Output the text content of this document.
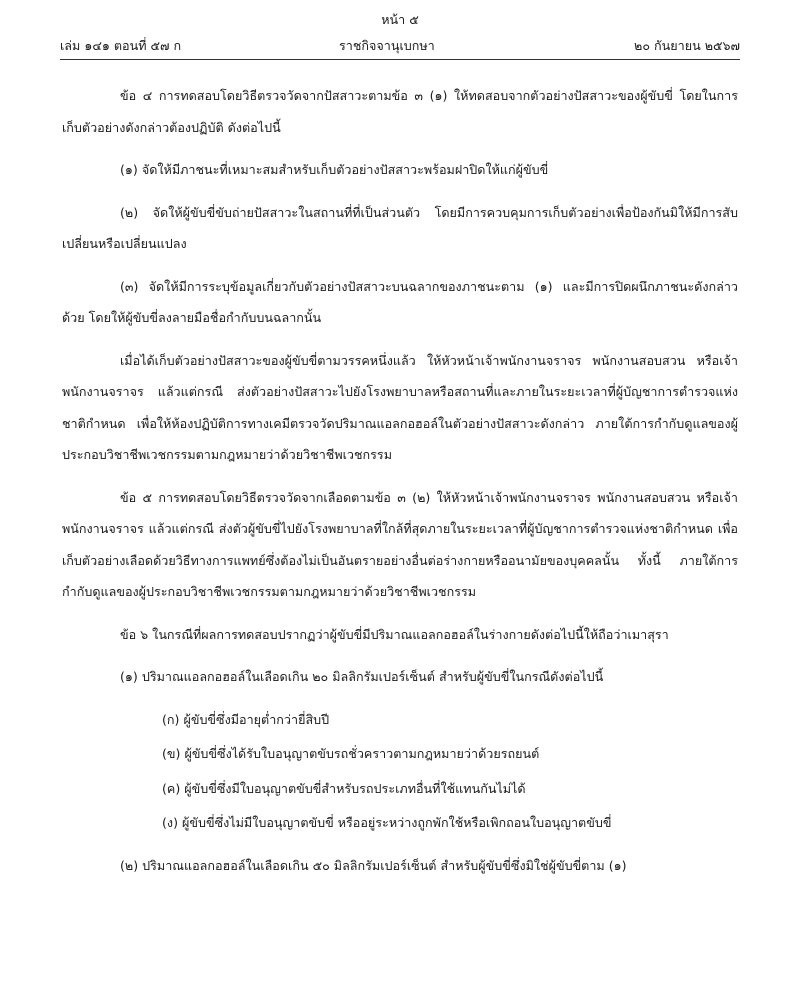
หน้า ๕
เล่ม ๑๔๑ ตอนที่ ๕๗ ก	ราชกิจจานุเบกษา	๒๐ กันยายน ๒๕๖๗

ข้อ ๔ การทดสอบโดยวิธีตรวจวัดจากปัสสาวะตามข้อ ๓ (๑) ให้ทดสอบจากตัวอย่างปัสสาวะของผู้ขับขี่ โดยในการเก็บตัวอย่างดังกล่าวต้องปฏิบัติ ดังต่อไปนี้

(๑) จัดให้มีภาชนะที่เหมาะสมสำหรับเก็บตัวอย่างปัสสาวะพร้อมฝาปิดให้แก่ผู้ขับขี่

(๒) จัดให้ผู้ขับขี่ขับถ่ายปัสสาวะในสถานที่ที่เป็นส่วนตัว โดยมีการควบคุมการเก็บตัวอย่างเพื่อป้องกันมิให้มีการสับเปลี่ยนหรือเปลี่ยนแปลง

(๓) จัดให้มีการระบุข้อมูลเกี่ยวกับตัวอย่างปัสสาวะบนฉลากของภาชนะตาม (๑) และมีการปิดผนึกภาชนะดังกล่าวด้วย โดยให้ผู้ขับขี่ลงลายมือชื่อกำกับบนฉลากนั้น

เมื่อได้เก็บตัวอย่างปัสสาวะของผู้ขับขี่ตามวรรคหนึ่งแล้ว ให้หัวหน้าเจ้าพนักงานจราจร พนักงานสอบสวน หรือเจ้าพนักงานจราจร แล้วแต่กรณี ส่งตัวอย่างปัสสาวะไปยังโรงพยาบาลหรือสถานที่และภายในระยะเวลาที่ผู้บัญชาการตำรวจแห่งชาติกำหนด เพื่อให้ห้องปฏิบัติการทางเคมีตรวจวัดปริมาณแอลกอฮอล์ในตัวอย่างปัสสาวะดังกล่าว ภายใต้การกำกับดูแลของผู้ประกอบวิชาชีพเวชกรรมตามกฎหมายว่าด้วยวิชาชีพเวชกรรม

ข้อ ๕ การทดสอบโดยวิธีตรวจวัดจากเลือดตามข้อ ๓ (๒) ให้หัวหน้าเจ้าพนักงานจราจร พนักงานสอบสวน หรือเจ้าพนักงานจราจร แล้วแต่กรณี ส่งตัวผู้ขับขี่ไปยังโรงพยาบาลที่ใกล้ที่สุดภายในระยะเวลาที่ผู้บัญชาการตำรวจแห่งชาติกำหนด เพื่อเก็บตัวอย่างเลือดด้วยวิธีทางการแพทย์ซึ่งต้องไม่เป็นอันตรายอย่างอื่นต่อร่างกายหรืออนามัยของบุคคลนั้น ทั้งนี้ ภายใต้การกำกับดูแลของผู้ประกอบวิชาชีพเวชกรรมตามกฎหมายว่าด้วยวิชาชีพเวชกรรม

ข้อ ๖ ในกรณีที่ผลการทดสอบปรากฏว่าผู้ขับขี่มีปริมาณแอลกอฮอล์ในร่างกายดังต่อไปนี้ให้ถือว่าเมาสุรา

(๑) ปริมาณแอลกอฮอล์ในเลือดเกิน ๒๐ มิลลิกรัมเปอร์เซ็นต์ สำหรับผู้ขับขี่ในกรณีดังต่อไปนี้

(ก) ผู้ขับขี่ซึ่งมีอายุต่ำกว่ายี่สิบปี

(ข) ผู้ขับขี่ซึ่งได้รับใบอนุญาตขับรถชั่วคราวตามกฎหมายว่าด้วยรถยนต์

(ค) ผู้ขับขี่ซึ่งมีใบอนุญาตขับขี่สำหรับรถประเภทอื่นที่ใช้แทนกันไม่ได้

(ง) ผู้ขับขี่ซึ่งไม่มีใบอนุญาตขับขี่ หรืออยู่ระหว่างถูกพักใช้หรือเพิกถอนใบอนุญาตขับขี่

(๒) ปริมาณแอลกอฮอล์ในเลือดเกิน ๕๐ มิลลิกรัมเปอร์เซ็นต์ สำหรับผู้ขับขี่ซึ่งมิใช่ผู้ขับขี่ตาม (๑)
